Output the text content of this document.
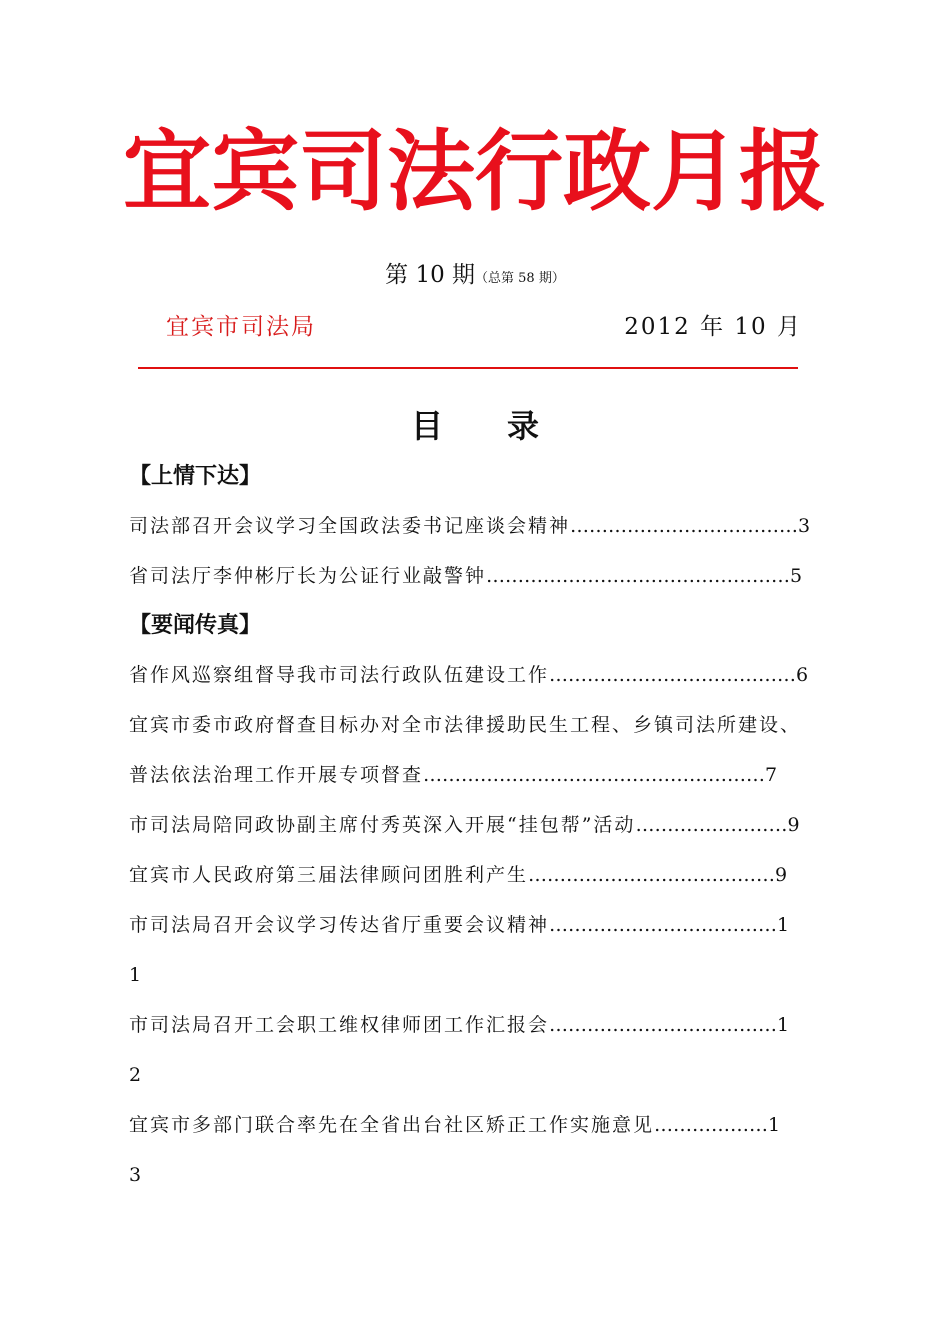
宜宾司法行政月报
第 10 期（总第 58 期）
宜宾市司法局	2012 年 10 月
目 录
【上情下达】
司法部召开会议学习全国政法委书记座谈会精神………………………………3
省司法厅李仲彬厅长为公证行业敲警钟…………………………………………5
【要闻传真】
省作风巡察组督导我市司法行政队伍建设工作…………………………………6
宜宾市委市政府督查目标办对全市法律援助民生工程、乡镇司法所建设、
普法依法治理工作开展专项督查………………………………………………7
市司法局陪同政协副主席付秀英深入开展“挂包帮”活动……………………9
宜宾市人民政府第三届法律顾问团胜利产生…………………………………9
市司法局召开会议学习传达省厅重要会议精神………………………………1
1
市司法局召开工会职工维权律师团工作汇报会………………………………1
2
宜宾市多部门联合率先在全省出台社区矫正工作实施意见………………1
3
